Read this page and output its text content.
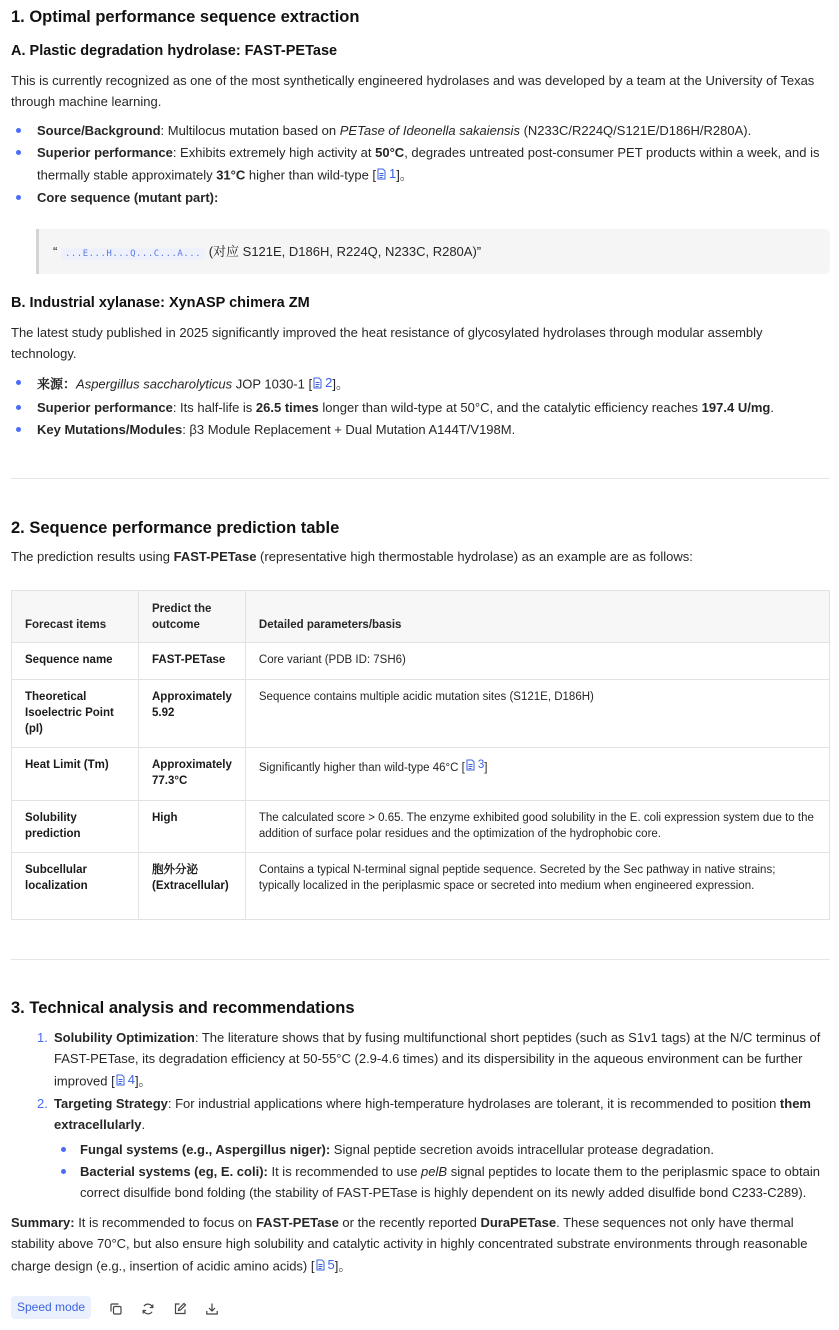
1. Optimal performance sequence extraction
A. Plastic degradation hydrolase: FAST-PETase

This is currently recognized as one of the most synthetically engineered hydrolases and was developed by a team at the University of Texas through machine learning.

Source/Background: Multilocus mutation based on PETase of Ideonella sakaiensis (N233C/R224Q/S121E/D186H/R280A).
Superior performance: Exhibits extremely high activity at 50°C, degrades untreated post-consumer PET products within a week, and is thermally stable approximately 31°C higher than wild-type [ 1 ]。
Core sequence (mutant part):
“ ...E...H...Q...C...A... (对应 S121E, D186H, R224Q, N233C, R280A)”
B. Industrial xylanase: XynASP chimera ZM

The latest study published in 2025 significantly improved the heat resistance of glycosylated hydrolases through modular assembly technology.

来源：Aspergillus saccharolyticus JOP 1030-1 [ 2 ]。
Superior performance: Its half-life is 26.5 times longer than wild-type at 50°C, and the catalytic efficiency reaches 197.4 U/mg.
Key Mutations/Modules: β3 Module Replacement + Dual Mutation A144T/V198M.
2. Sequence performance prediction table

The prediction results using FAST-PETase (representative high thermostable hydrolase) as an example are as follows:

Forecast items	Predict the outcome	Detailed parameters/basis
Sequence name	FAST-PETase	Core variant (PDB ID: 7SH6)
Theoretical Isoelectric Point (pI)	Approximately 5.92	Sequence contains multiple acidic mutation sites (S121E, D186H)
Heat Limit (Tm)	Approximately 77.3°C	Significantly higher than wild-type 46°C [ 3 ]
Solubility prediction	High	The calculated score > 0.65. The enzyme exhibited good solubility in the E. coli expression system due to the addition of surface polar residues and the optimization of the hydrophobic core.
Subcellular localization	胞外分泌 (Extracellular)	Contains a typical N-terminal signal peptide sequence. Secreted by the Sec pathway in native strains; typically localized in the periplasmic space or secreted into medium when engineered expression.
3. Technical analysis and recommendations
1. Solubility Optimization: The literature shows that by fusing multifunctional short peptides (such as S1v1 tags) at the N/C terminus of FAST-PETase, its degradation efficiency at 50-55°C (2.9-4.6 times) and its dispersibility in the aqueous environment can be further improved [ 4 ]。
2. Targeting Strategy: For industrial applications where high-temperature hydrolases are tolerant, it is recommended to position them extracellularly.
Fungal systems (e.g., Aspergillus niger): Signal peptide secretion avoids intracellular protease degradation.
Bacterial systems (eg, E. coli): It is recommended to use pelB signal peptides to locate them to the periplasmic space to obtain correct disulfide bond folding (the stability of FAST-PETase is highly dependent on its newly added disulfide bond C233-C289).

Summary: It is recommended to focus on FAST-PETase or the recently reported DuraPETase. These sequences not only have thermal stability above 70°C, but also ensure high solubility and catalytic activity in highly concentrated substrate environments through reasonable charge design (e.g., insertion of acidic amino acids) [ 5 ]。

Speed mode
